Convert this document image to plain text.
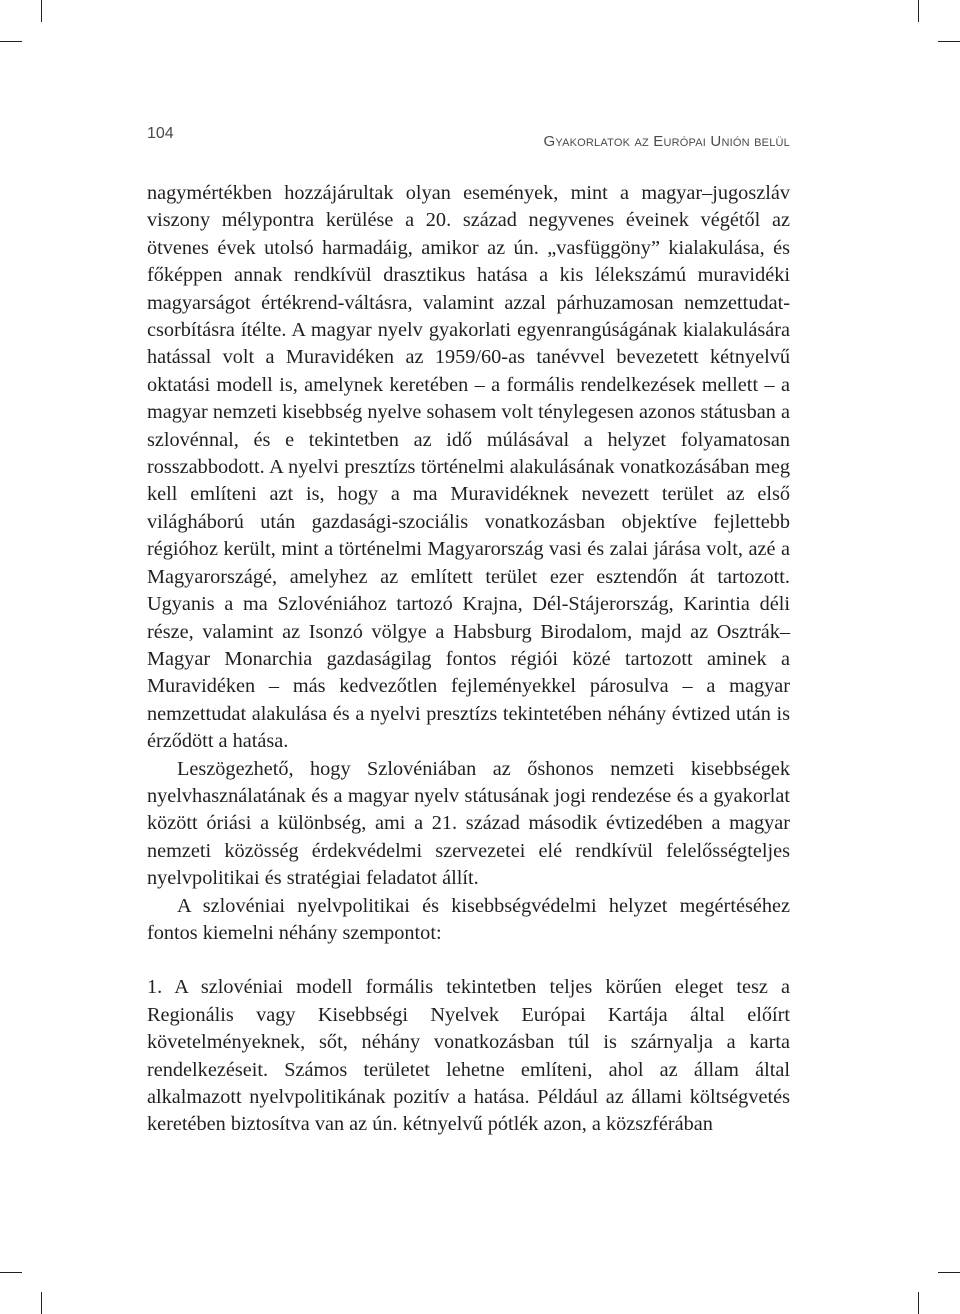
104	Gyakorlatok az Európai Unión belül

nagymértékben hozzájárultak olyan események, mint a magyar–jugoszláv viszony mélypontra kerülése a 20. század negyvenes éveinek végétől az ötvenes évek utolsó harmadáig, amikor az ún. „vasfüggöny” kialakulása, és főképpen annak rendkívül drasztikus hatása a kis lélekszámú muravidéki magyarságot értékrend-váltásra, valamint azzal párhuzamosan nemzettudat-csorbításra ítélte. A magyar nyelv gyakorlati egyenrangúságának kialakulására hatással volt a Muravidéken az 1959/60-as tanévvel bevezetett kétnyelvű oktatási modell is, amelynek keretében – a formális rendelkezések mellett – a magyar nemzeti kisebbség nyelve sohasem volt ténylegesen azonos státusban a szlovénnal, és e tekintetben az idő múlásával a helyzet folyamatosan rosszabbodott. A nyelvi presztízs történelmi alakulásának vonatkozásában meg kell említeni azt is, hogy a ma Muravidéknek nevezett terület az első világháború után gazdasági-szociális vonatkozásban objektíve fejlettebb régióhoz került, mint a történelmi Magyarország vasi és zalai járása volt, azé a Magyarországé, amelyhez az említett terület ezer esztendőn át tartozott. Ugyanis a ma Szlovéniához tartozó Krajna, Dél-Stájerország, Karintia déli része, valamint az Isonzó völgye a Habsburg Birodalom, majd az Osztrák–Magyar Monarchia gazdaságilag fontos régiói közé tartozott aminek a Muravidéken – más kedvezőtlen fejleményekkel párosulva – a magyar nemzettudat alakulása és a nyelvi presztízs tekintetében néhány évtized után is érződött a hatása.

Leszögezhető, hogy Szlovéniában az őshonos nemzeti kisebbségek nyelvhasználatának és a magyar nyelv státusának jogi rendezése és a gyakorlat között óriási a különbség, ami a 21. század második évtizedében a magyar nemzeti közösség érdekvédelmi szervezetei elé rendkívül felelősségteljes nyelvpolitikai és stratégiai feladatot állít.

A szlovéniai nyelvpolitikai és kisebbségvédelmi helyzet megértéséhez fontos kiemelni néhány szempontot:

1. A szlovéniai modell formális tekintetben teljes körűen eleget tesz a Regionális vagy Kisebbségi Nyelvek Európai Kartája által előírt követelményeknek, sőt, néhány vonatkozásban túl is szárnyalja a karta rendelkezéseit. Számos területet lehetne említeni, ahol az állam által alkalmazott nyelvpolitikának pozitív a hatása. Például az állami költségvetés keretében biztosítva van az ún. kétnyelvű pótlék azon, a közszférában
